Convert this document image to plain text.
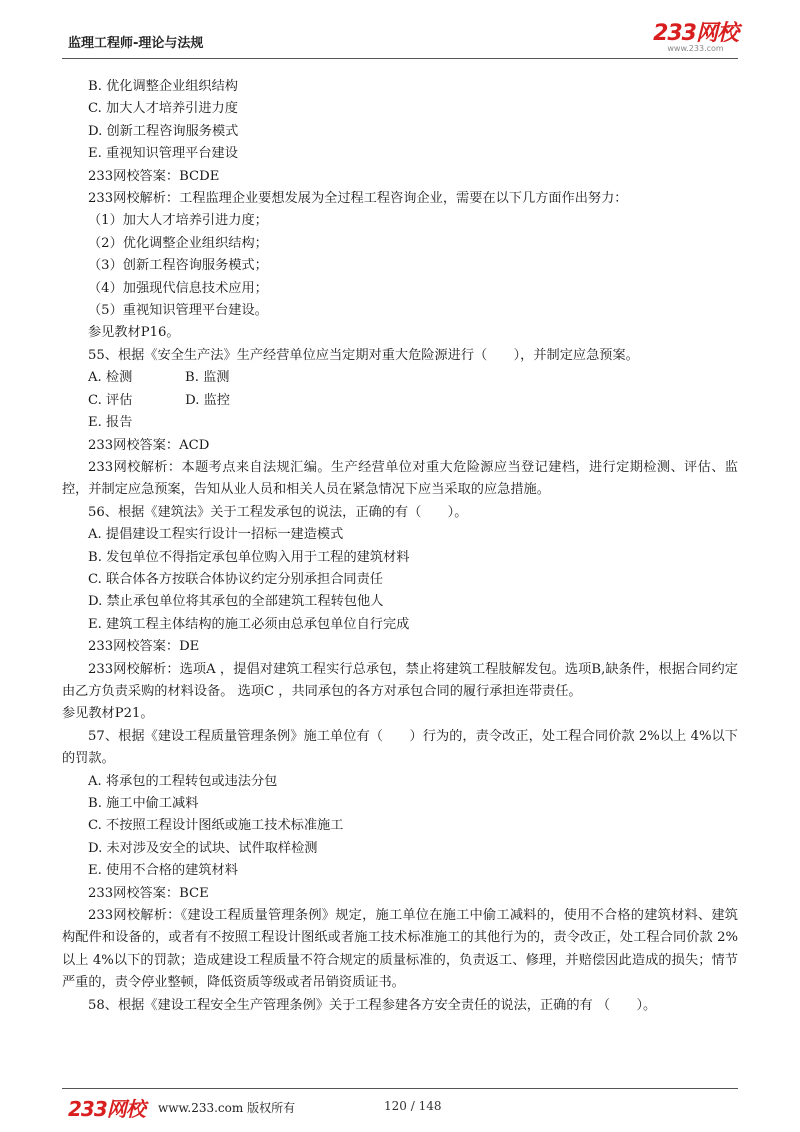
监理工程师-理论与法规	233网校
www.233.com
B. 优化调整企业组织结构
C. 加大人才培养引进力度
D. 创新工程咨询服务模式
E. 重视知识管理平台建设
233网校答案：BCDE
233网校解析：工程监理企业要想发展为全过程工程咨询企业，需要在以下几方面作出努力：
（1）加大人才培养引进力度；
（2）优化调整企业组织结构；
（3）创新工程咨询服务模式；
（4）加强现代信息技术应用；
（5）重视知识管理平台建设。
参见教材P16。
55、根据《安全生产法》生产经营单位应当定期对重大危险源进行（　　），并制定应急预案。
A. 检测　　　　B. 监测
C. 评估　　　　D. 监控
E. 报告
233网校答案：ACD
233网校解析：本题考点来自法规汇编。生产经营单位对重大危险源应当登记建档，进行定期检测、评估、监控，并制定应急预案，告知从业人员和相关人员在紧急情况下应当采取的应急措施。
56、根据《建筑法》关于工程发承包的说法，正确的有（　　）。
A. 提倡建设工程实行设计一招标一建造模式
B. 发包单位不得指定承包单位购入用于工程的建筑材料
C. 联合体各方按联合体协议约定分别承担合同责任
D. 禁止承包单位将其承包的全部建筑工程转包他人
E. 建筑工程主体结构的施工必须由总承包单位自行完成
233网校答案：DE
233网校解析：选项A ，提倡对建筑工程实行总承包，禁止将建筑工程肢解发包。选项B,缺条件，根据合同约定由乙方负责采购的材料设备。 选项C ，共同承包的各方对承包合同的履行承担连带责任。
参见教材P21。
57、根据《建设工程质量管理条例》施工单位有（　　）行为的，责令改正，处工程合同价款 2%以上 4%以下的罚款。
A. 将承包的工程转包或违法分包
B. 施工中偷工减料
C. 不按照工程设计图纸或施工技术标准施工
D. 未对涉及安全的试块、试件取样检测
E. 使用不合格的建筑材料
233网校答案：BCE
233网校解析：《建设工程质量管理条例》规定，施工单位在施工中偷工减料的，使用不合格的建筑材料、建筑构配件和设备的，或者有不按照工程设计图纸或者施工技术标准施工的其他行为的，责令改正，处工程合同价款 2%以上 4%以下的罚款；造成建设工程质量不符合规定的质量标准的，负责返工、修理，并赔偿因此造成的损失；情节严重的，责令停业整顿，降低资质等级或者吊销资质证书。
58、根据《建设工程安全生产管理条例》关于工程参建各方安全责任的说法，正确的有 （　　）。
233网校 www.233.com 版权所有	120 / 148
